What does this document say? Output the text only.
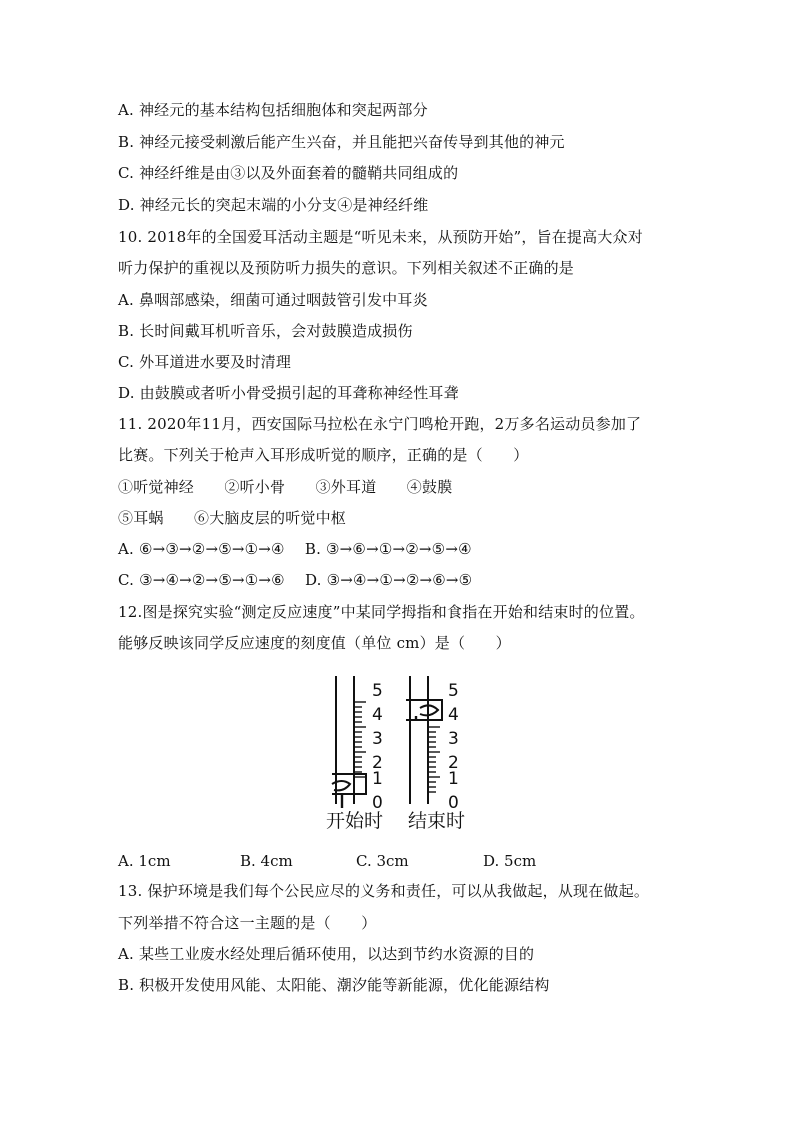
A. 神经元的基本结构包括细胞体和突起两部分
B. 神经元接受刺激后能产生兴奋，并且能把兴奋传导到其他的神元
C. 神经纤维是由③以及外面套着的髓鞘共同组成的
D. 神经元长的突起末端的小分支④是神经纤维
10. 2018年的全国爱耳活动主题是“听见未来，从预防开始”，旨在提高大众对
听力保护的重视以及预防听力损失的意识。下列相关叙述不正确的是
A. 鼻咽部感染，细菌可通过咽鼓管引发中耳炎
B. 长时间戴耳机听音乐，会对鼓膜造成损伤
C. 外耳道进水要及时清理
D. 由鼓膜或者听小骨受损引起的耳聋称神经性耳聋
11. 2020年11月，西安国际马拉松在永宁门鸣枪开跑，2万多名运动员参加了
比赛。下列关于枪声入耳形成听觉的顺序，正确的是（　　）
①听觉神经　　②听小骨　　③外耳道　　④鼓膜
⑤耳蜗　　⑥大脑皮层的听觉中枢
A. ⑥→③→②→⑤→①→④　 B. ③→⑥→①→②→⑤→④
C. ③→④→②→⑤→①→⑥　 D. ③→④→①→②→⑥→⑤
12.图是探究实验“测定反应速度”中某同学拇指和食指在开始和结束时的位置。
能够反映该同学反应速度的刻度值（单位 cm）是（　　）
5
4
3
2
1
0
5
4
3
2
1
0
开始时 结束时
A. 1cm	B. 4cm	C. 3cm	D. 5cm
13. 保护环境是我们每个公民应尽的义务和责任，可以从我做起，从现在做起。
下列举措不符合这一主题的是（　　）
A. 某些工业废水经处理后循环使用，以达到节约水资源的目的
B. 积极开发使用风能、太阳能、潮汐能等新能源，优化能源结构
